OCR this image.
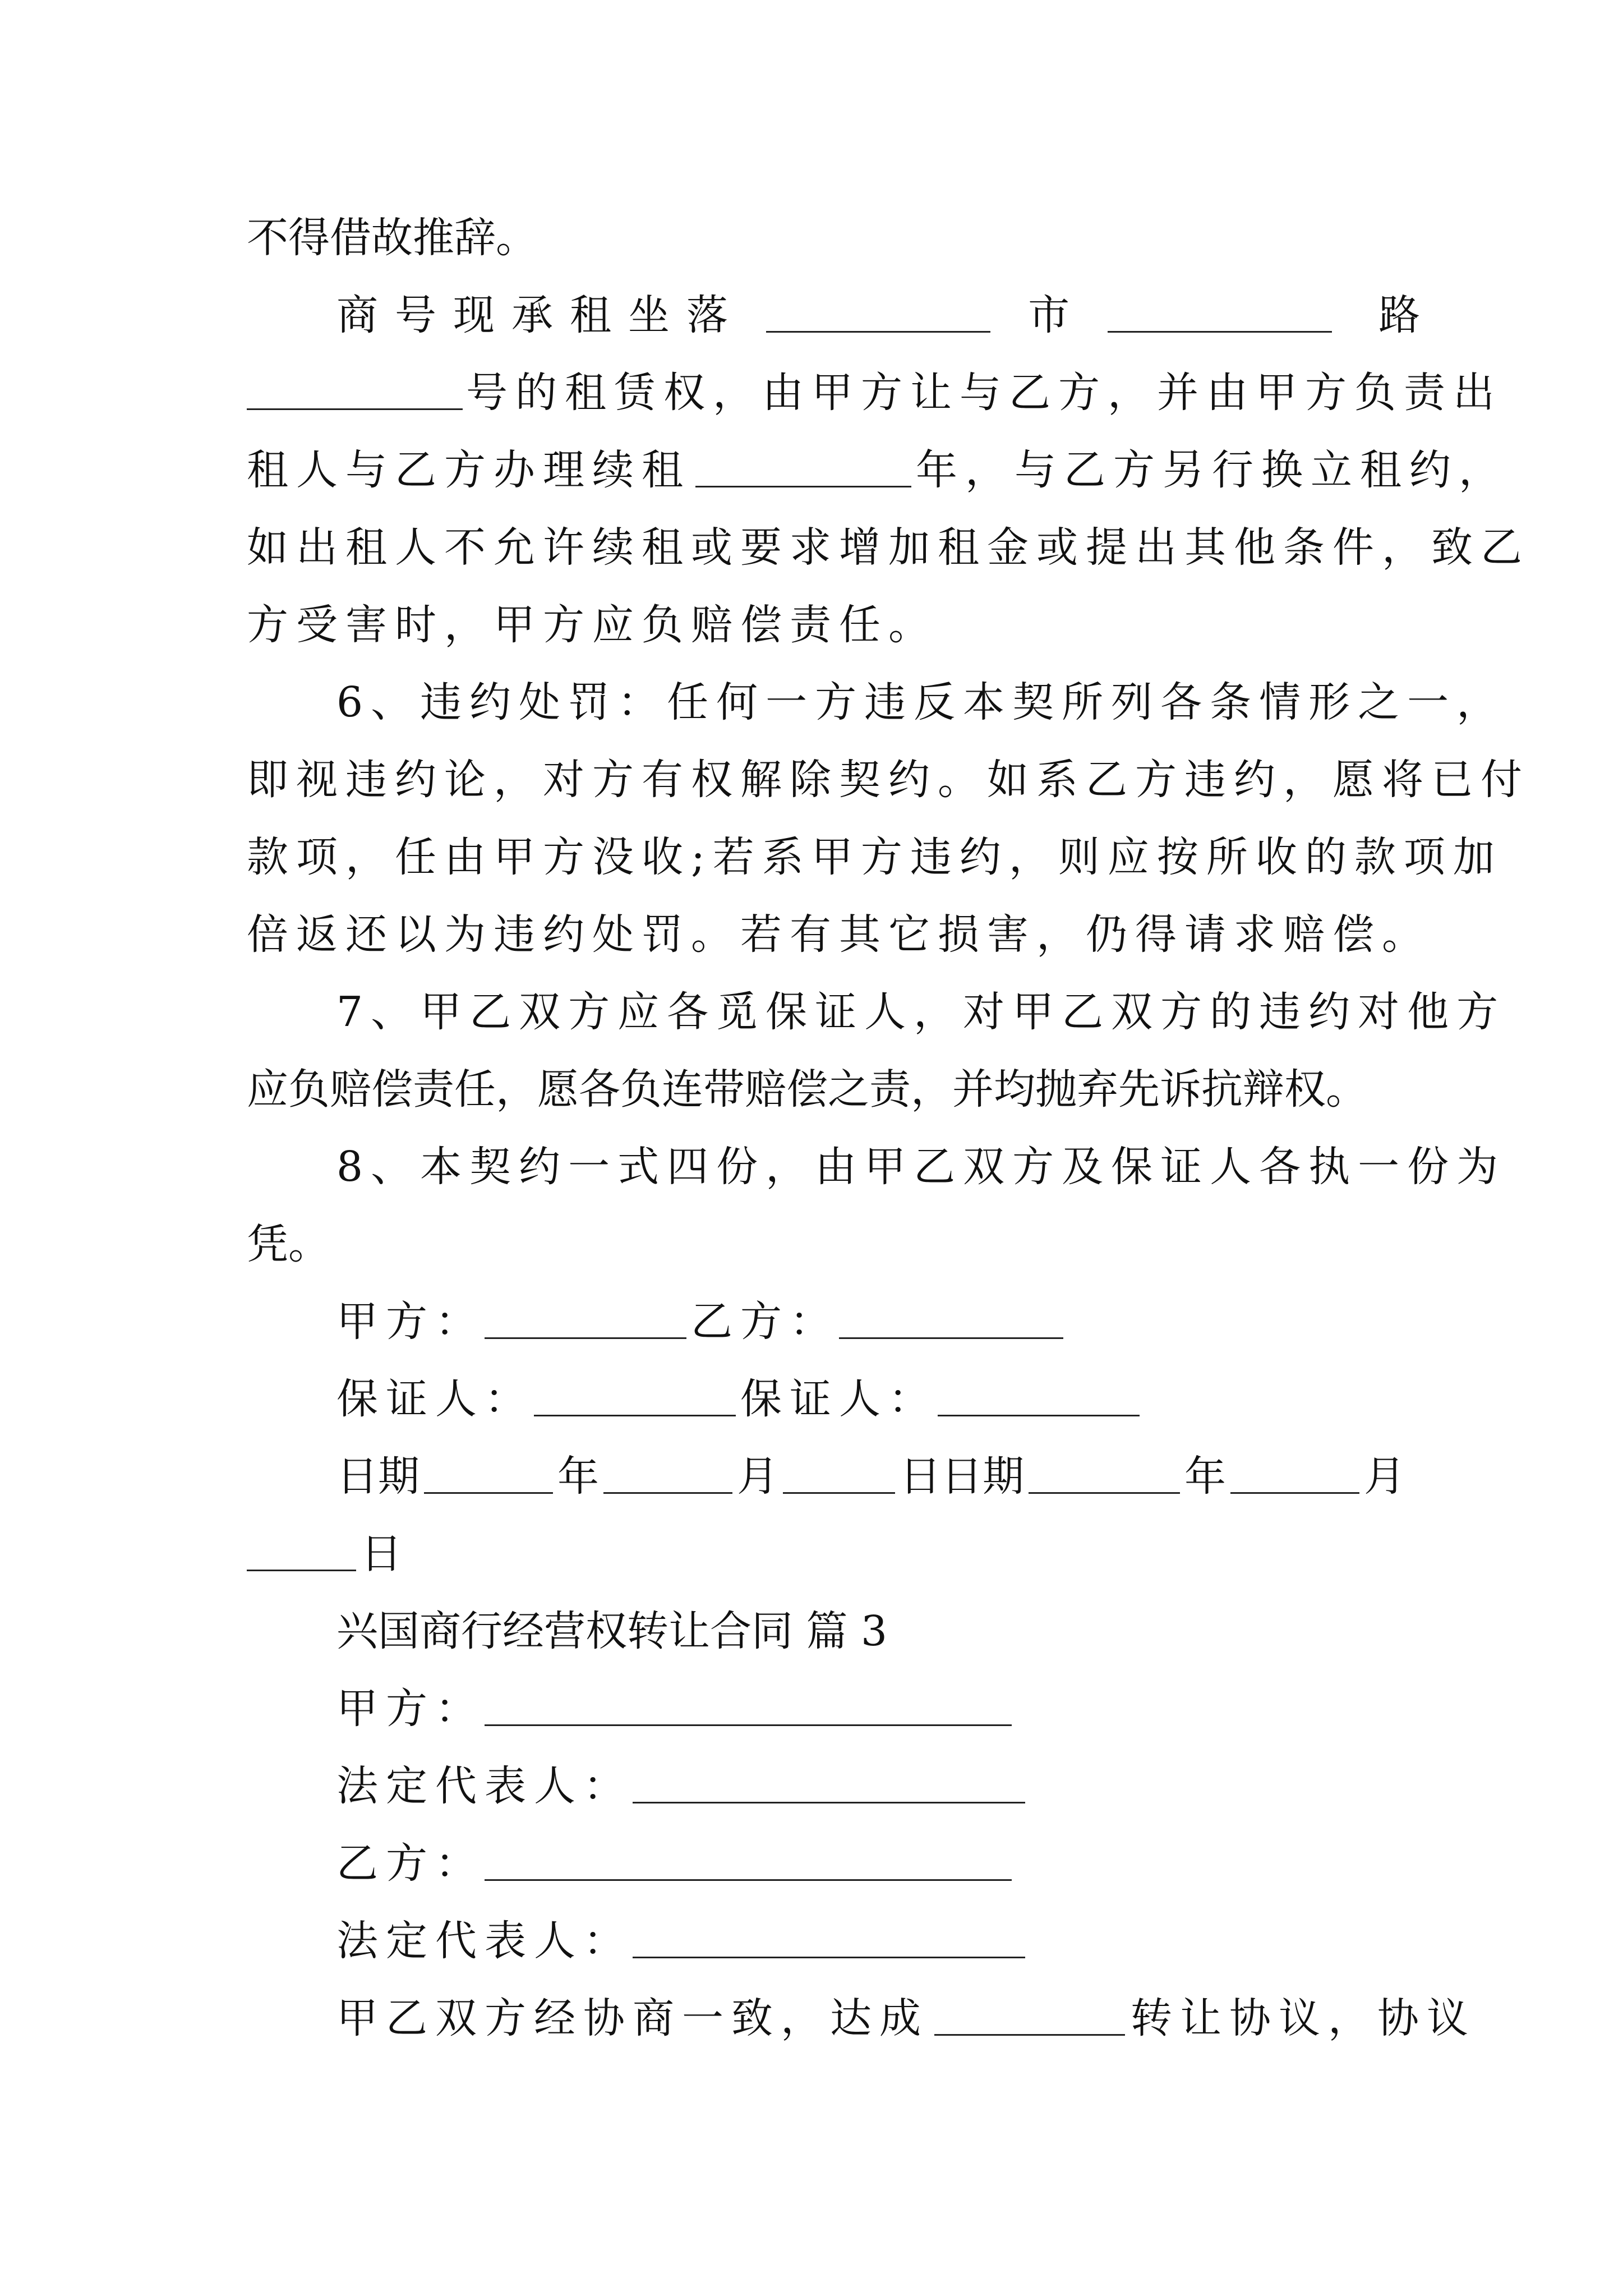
不得借故推辞。
商号现承租坐落	市	路
号的租赁权，由甲方让与乙方，并由甲方负责出
租人与乙方办理续租	年，与乙方另行换立租约，
如出租人不允许续租或要求增加租金或提出其他条件，致乙
方受害时，甲方应负赔偿责任。
6、违约处罚：任何一方违反本契所列各条情形之一，
即视违约论，对方有权解除契约。如系乙方违约，愿将已付
款项，任由甲方没收;若系甲方违约，则应按所收的款项加
倍返还以为违约处罚。若有其它损害，仍得请求赔偿。
7、甲乙双方应各觅保证人，对甲乙双方的违约对他方
应负赔偿责任，愿各负连带赔偿之责，并均抛弃先诉抗辩权。
8、本契约一式四份，由甲乙双方及保证人各执一份为
凭。
甲方：	乙方：
保证人：	保证人：
日期	年	月	日日期	年	月
日
兴国商行经营权转让合同 篇 3
甲方：
法定代表人：
乙方：
法定代表人：
甲乙双方经协商一致，达成	转让协议，协议
